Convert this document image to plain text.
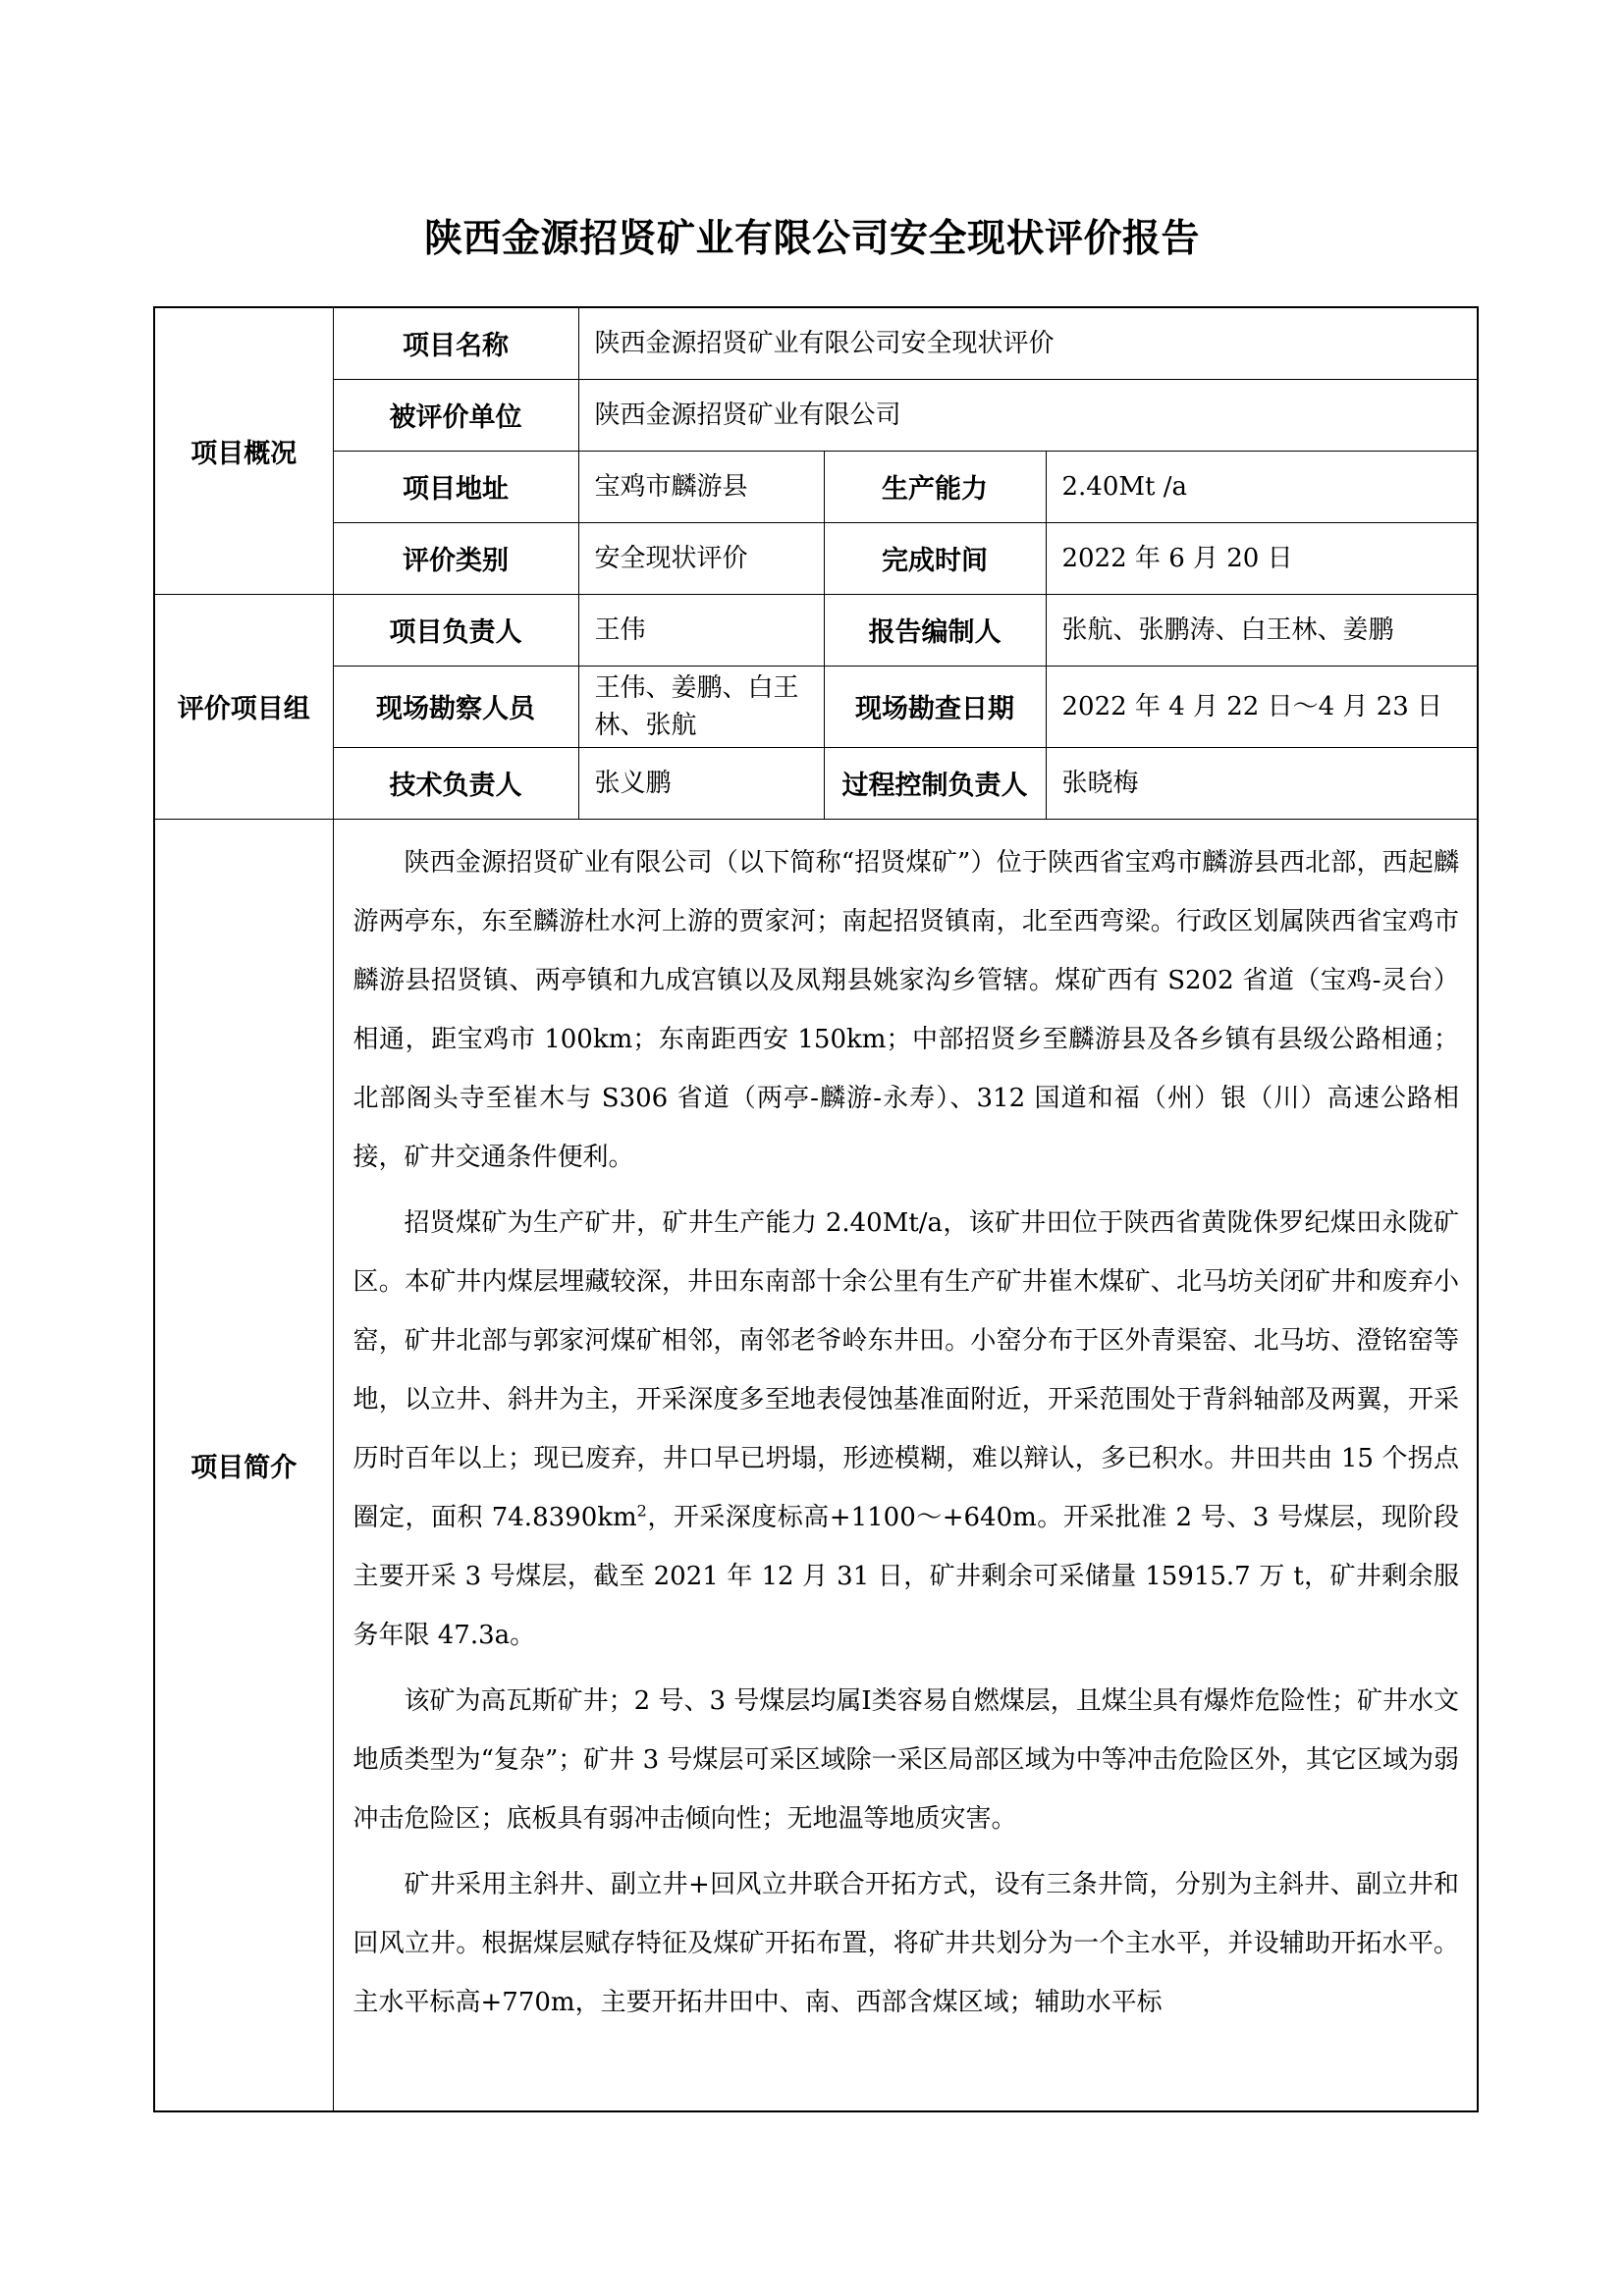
陕西金源招贤矿业有限公司安全现状评价报告
项目概况	项目名称	陕西金源招贤矿业有限公司安全现状评价		
	被评价单位	陕西金源招贤矿业有限公司		
	项目地址	宝鸡市麟游县	生产能力	2.40Mt /a
	评价类别	安全现状评价	完成时间	2022 年 6 月 20 日
评价项目组	项目负责人	王伟	报告编制人	张航、张鹏涛、白王林、姜鹏
	现场勘察人员	王伟、姜鹏、白王林、张航	现场勘查日期	2022 年 4 月 22 日～4 月 23 日
	技术负责人	张义鹏	过程控制负责人	张晓梅
项目简介	陕西金源招贤矿业有限公司（以下简称“招贤煤矿”）位于陕西省宝鸡市麟游县西北部，西起麟游两亭东，东至麟游杜水河上游的贾家河；南起招贤镇南，北至西弯梁。行政区划属陕西省宝鸡市麟游县招贤镇、两亭镇和九成宫镇以及凤翔县姚家沟乡管辖。煤矿西有 S202 省道（宝鸡-灵台）相通，距宝鸡市 100km；东南距西安 150km；中部招贤乡至麟游县及各乡镇有县级公路相通；北部阁头寺至崔木与 S306 省道（两亭-麟游-永寿）、312 国道和福（州）银（川）高速公路相接，矿井交通条件便利。

招贤煤矿为生产矿井，矿井生产能力 2.40Mt/a，该矿井田位于陕西省黄陇侏罗纪煤田永陇矿区。本矿井内煤层埋藏较深，井田东南部十余公里有生产矿井崔木煤矿、北马坊关闭矿井和废弃小窑，矿井北部与郭家河煤矿相邻，南邻老爷岭东井田。小窑分布于区外青渠窑、北马坊、澄铭窑等地，以立井、斜井为主，开采深度多至地表侵蚀基准面附近，开采范围处于背斜轴部及两翼，开采历时百年以上；现已废弃，井口早已坍塌，形迹模糊，难以辩认，多已积水。井田共由 15 个拐点圈定，面积 $74.8390km^2$，开采深度标高+1100～+640m。开采批准 2 号、3 号煤层，现阶段主要开采 3 号煤层，截至 2021 年 12 月 31 日，矿井剩余可采储量 15915.7 万 t，矿井剩余服务年限 47.3a。

该矿为高瓦斯矿井；2 号、3 号煤层均属Ⅰ类容易自燃煤层，且煤尘具有爆炸危险性；矿井水文地质类型为“复杂”；矿井 3 号煤层可采区域除一采区局部区域为中等冲击危险区外，其它区域为弱冲击危险区；底板具有弱冲击倾向性；无地温等地质灾害。

矿井采用主斜井、副立井+回风立井联合开拓方式，设有三条井筒，分别为主斜井、副立井和回风立井。根据煤层赋存特征及煤矿开拓布置，将矿井共划分为一个主水平，并设辅助开拓水平。主水平标高+770m，主要开拓井田中、南、西部含煤区域；辅助水平标			
